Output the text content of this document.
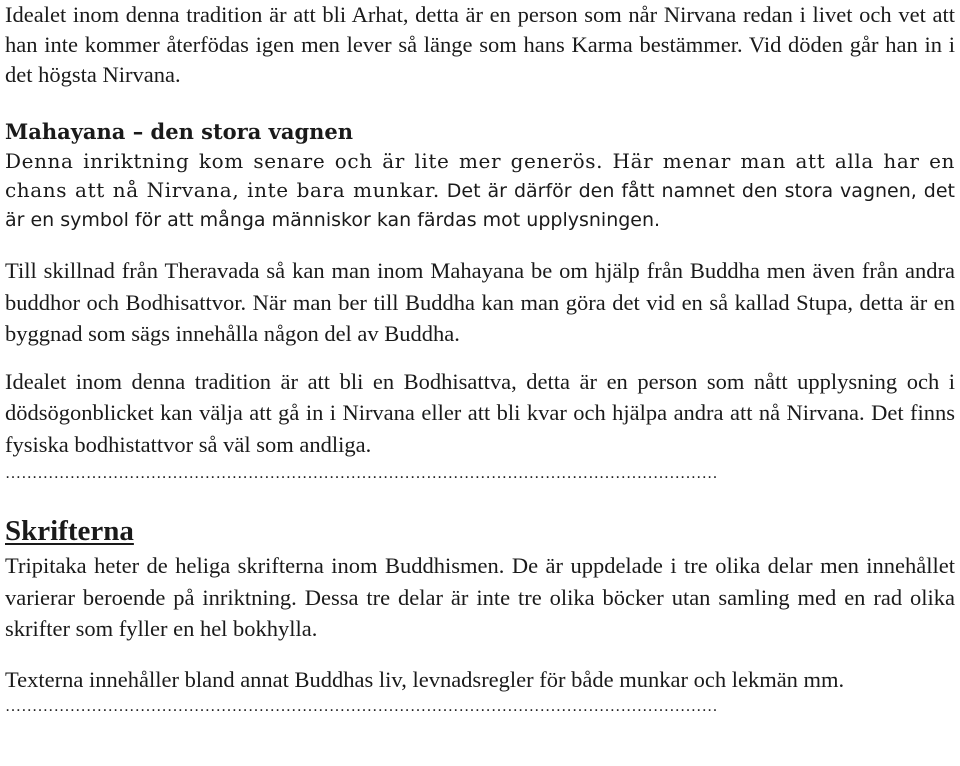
Idealet inom denna tradition är att bli Arhat, detta är en person som når Nirvana redan i livet och vet att han inte kommer återfödas igen men lever så länge som hans Karma bestämmer. Vid döden går han in i det högsta Nirvana.

Mahayana – den stora vagnen

Denna inriktning kom senare och är lite mer generös. Här menar man att alla har en chans att nå Nirvana, inte bara munkar. Det är därför den fått namnet den stora vagnen, det är en symbol för att många människor kan färdas mot upplysningen.

Till skillnad från Theravada så kan man inom Mahayana be om hjälp från Buddha men även från andra buddhor och Bodhisattvor. När man ber till Buddha kan man göra det vid en så kallad Stupa, detta är en byggnad som sägs innehålla någon del av Buddha.

Idealet inom denna tradition är att bli en Bodhisattva, detta är en person som nått upplysning och i dödsögonblicket kan välja att gå in i Nirvana eller att bli kvar och hjälpa andra att nå Nirvana. Det finns fysiska bodhistattvor så väl som andliga.

……………………………………………………………………………………………………………………
Skrifterna

Tripitaka heter de heliga skrifterna inom Buddhismen. De är uppdelade i tre olika delar men innehållet varierar beroende på inriktning. Dessa tre delar är inte tre olika böcker utan samling med en rad olika skrifter som fyller en hel bokhylla.

Texterna innehåller bland annat Buddhas liv, levnadsregler för både munkar och lekmän mm.

……………………………………………………………………………………………………………………
